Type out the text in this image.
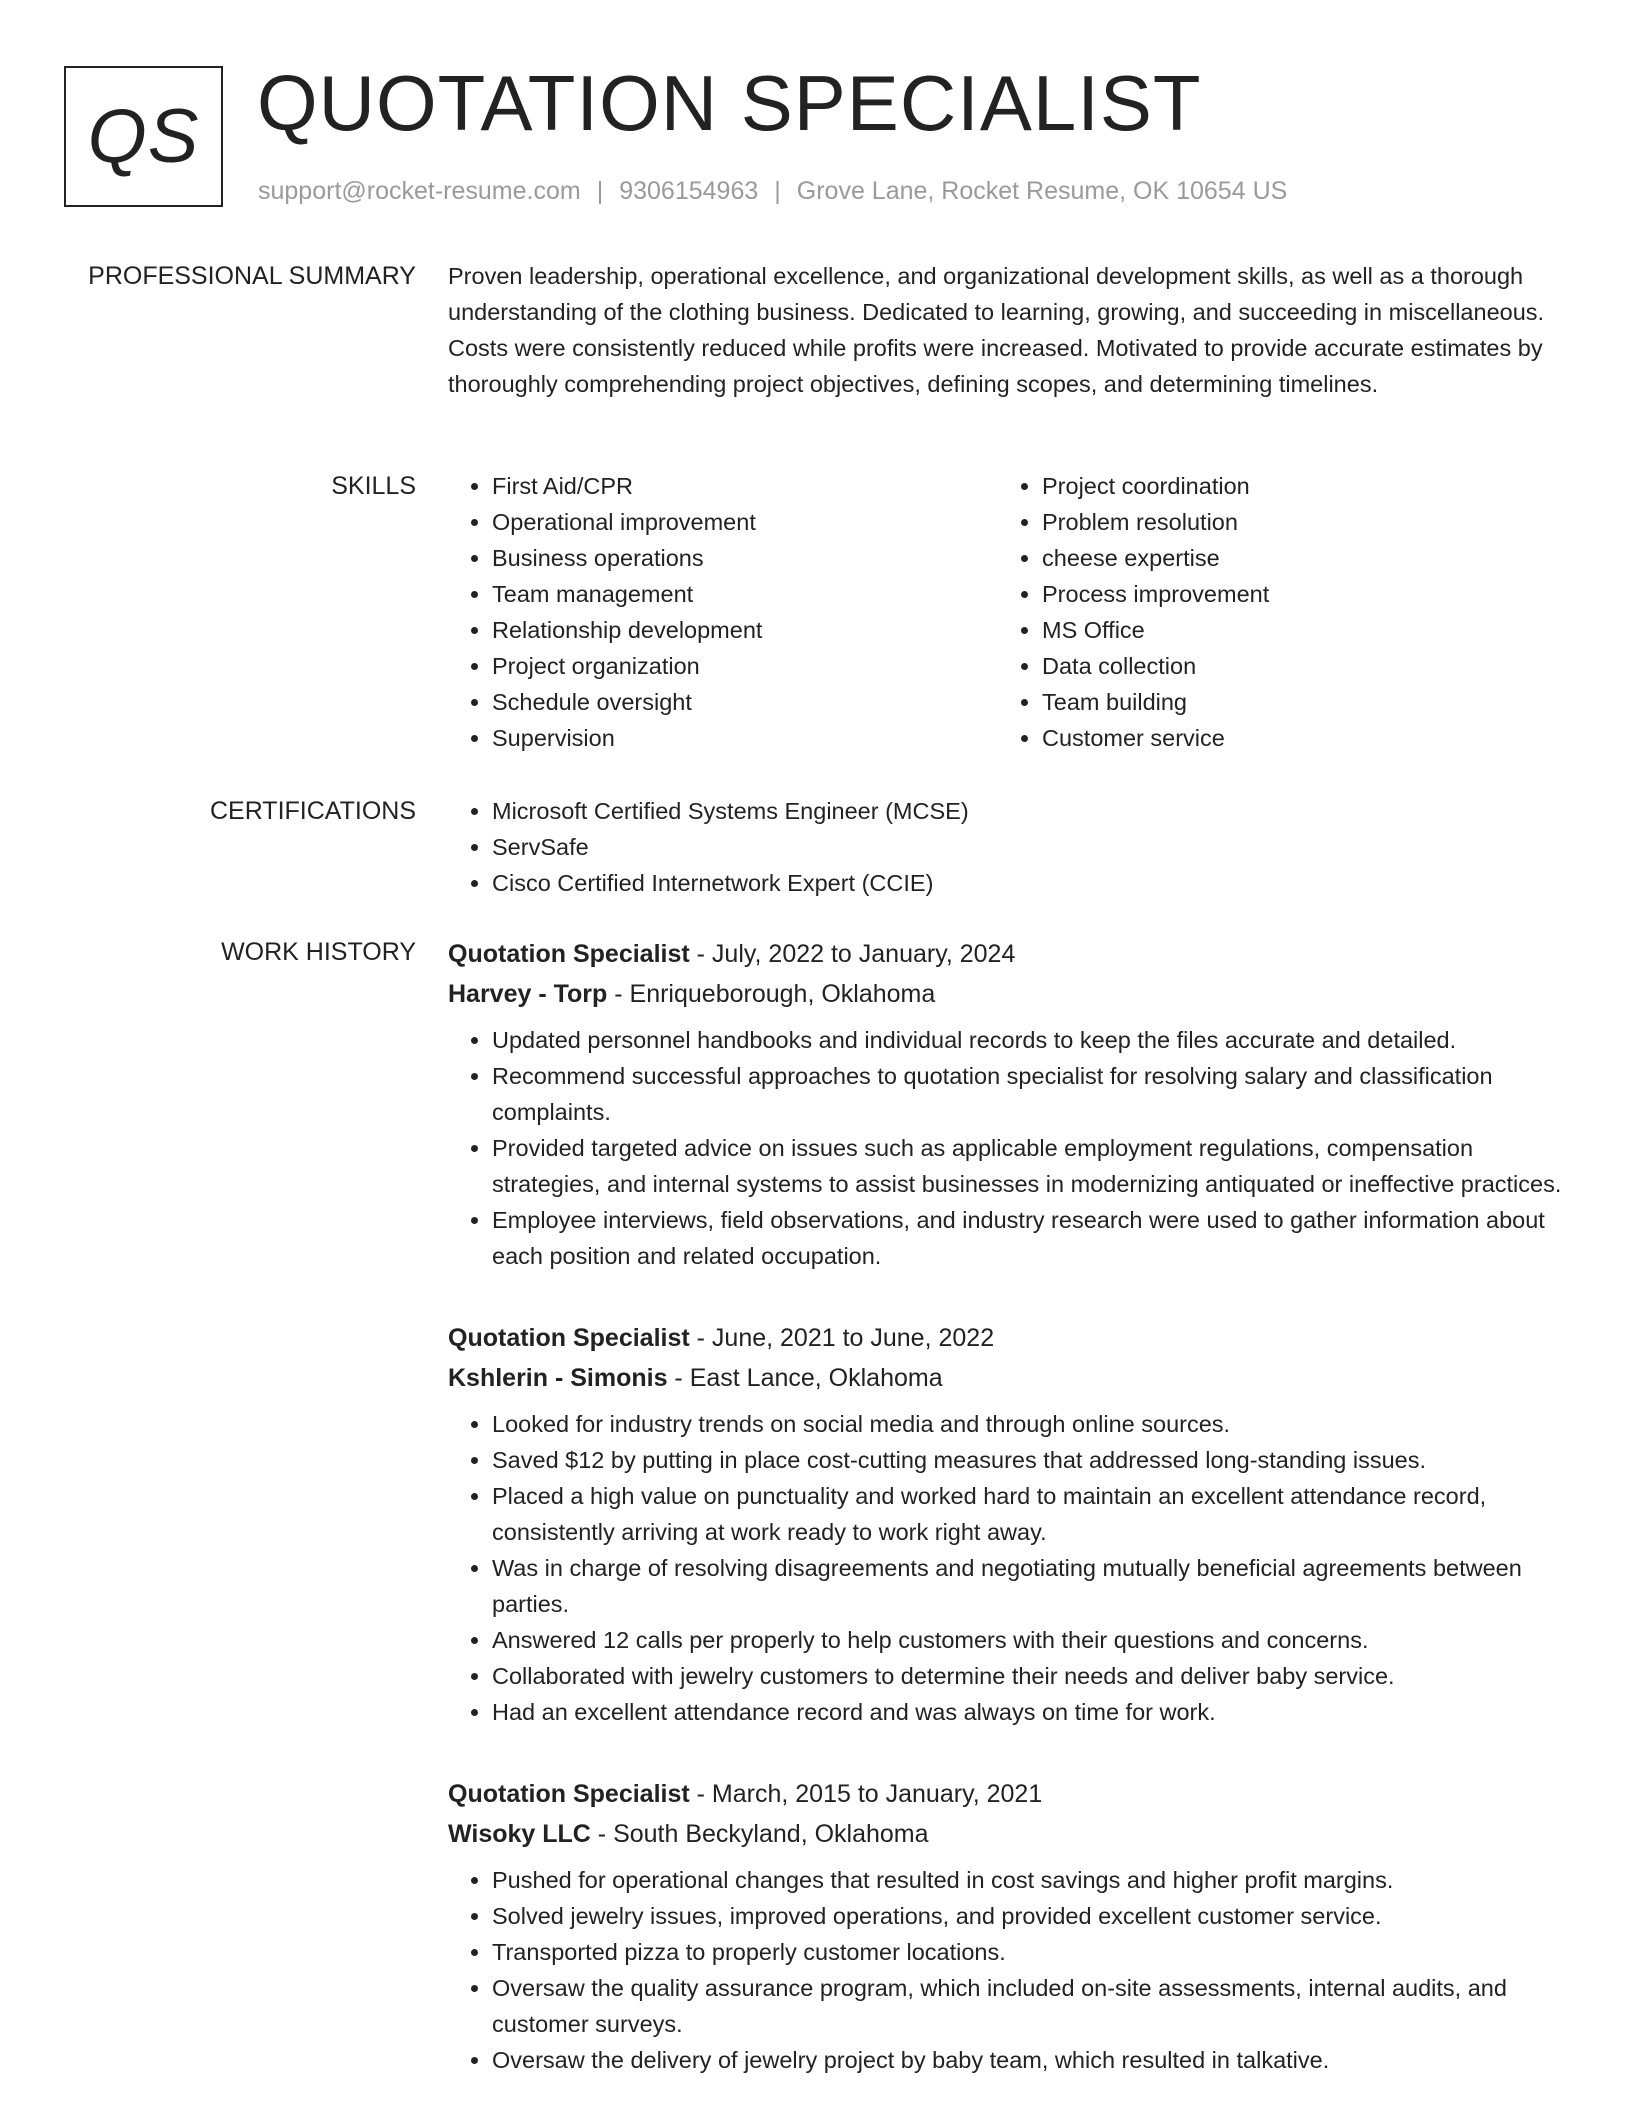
QS QUOTATION SPECIALIST
support@rocket-resume.com | 9306154963 | Grove Lane, Rocket Resume, OK 10654 US
PROFESSIONAL SUMMARY Proven leadership, operational excellence, and organizational development skills, as well as a thorough understanding of the clothing business. Dedicated to learning, growing, and succeeding in miscellaneous. Costs were consistently reduced while profits were increased. Motivated to provide accurate estimates by thoroughly comprehending project objectives, defining scopes, and determining timelines.
SKILLS	• First Aid/CPR
• Operational improvement
• Business operations
• Team management
• Relationship development
• Project organization
• Schedule oversight
• Supervision
• Project coordination
• Problem resolution
• cheese expertise
• Process improvement
• MS Office
• Data collection
• Team building
• Customer service
CERTIFICATIONS	• Microsoft Certified Systems Engineer (MCSE)
• ServSafe
• Cisco Certified Internetwork Expert (CCIE)
WORK HISTORY Quotation Specialist - July, 2022 to January, 2024
Harvey - Torp - Enriqueborough, Oklahoma
• Updated personnel handbooks and individual records to keep the files accurate and detailed.
• Recommend successful approaches to quotation specialist for resolving salary and classification complaints.
• Provided targeted advice on issues such as applicable employment regulations, compensation strategies, and internal systems to assist businesses in modernizing antiquated or ineffective practices.
• Employee interviews, field observations, and industry research were used to gather information about each position and related occupation.
Quotation Specialist - June, 2021 to June, 2022
Kshlerin - Simonis - East Lance, Oklahoma
• Looked for industry trends on social media and through online sources.
• Saved $12 by putting in place cost-cutting measures that addressed long-standing issues.
• Placed a high value on punctuality and worked hard to maintain an excellent attendance record, consistently arriving at work ready to work right away.
• Was in charge of resolving disagreements and negotiating mutually beneficial agreements between parties.
• Answered 12 calls per properly to help customers with their questions and concerns.
• Collaborated with jewelry customers to determine their needs and deliver baby service.
• Had an excellent attendance record and was always on time for work.
Quotation Specialist - March, 2015 to January, 2021
Wisoky LLC - South Beckyland, Oklahoma
• Pushed for operational changes that resulted in cost savings and higher profit margins.
• Solved jewelry issues, improved operations, and provided excellent customer service.
• Transported pizza to properly customer locations.
• Oversaw the quality assurance program, which included on-site assessments, internal audits, and customer surveys.
• Oversaw the delivery of jewelry project by baby team, which resulted in talkative.
